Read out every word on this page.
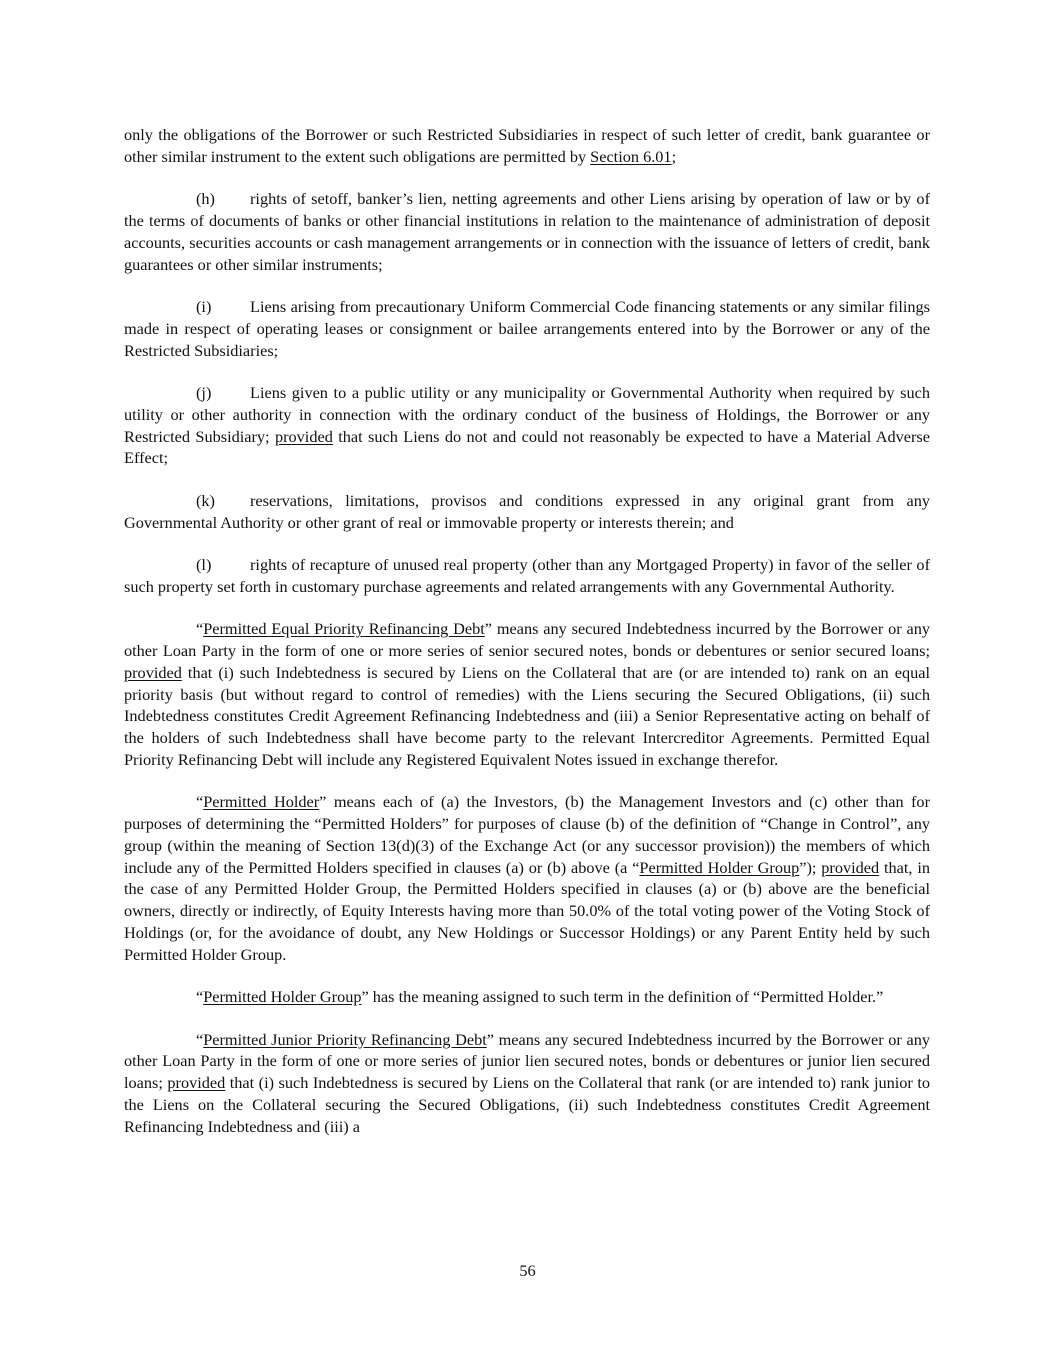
only the obligations of the Borrower or such Restricted Subsidiaries in respect of such letter of credit, bank guarantee or other similar instrument to the extent such obligations are permitted by Section 6.01;

(h) rights of setoff, banker’s lien, netting agreements and other Liens arising by operation of law or by of the terms of documents of banks or other financial institutions in relation to the maintenance of administration of deposit accounts, securities accounts or cash management arrangements or in connection with the issuance of letters of credit, bank guarantees or other similar instruments;

(i) Liens arising from precautionary Uniform Commercial Code financing statements or any similar filings made in respect of operating leases or consignment or bailee arrangements entered into by the Borrower or any of the Restricted Subsidiaries;

(j) Liens given to a public utility or any municipality or Governmental Authority when required by such utility or other authority in connection with the ordinary conduct of the business of Holdings, the Borrower or any Restricted Subsidiary; provided that such Liens do not and could not reasonably be expected to have a Material Adverse Effect;

(k) reservations, limitations, provisos and conditions expressed in any original grant from any Governmental Authority or other grant of real or immovable property or interests therein; and

(l) rights of recapture of unused real property (other than any Mortgaged Property) in favor of the seller of such property set forth in customary purchase agreements and related arrangements with any Governmental Authority.

“Permitted Equal Priority Refinancing Debt” means any secured Indebtedness incurred by the Borrower or any other Loan Party in the form of one or more series of senior secured notes, bonds or debentures or senior secured loans; provided that (i) such Indebtedness is secured by Liens on the Collateral that are (or are intended to) rank on an equal priority basis (but without regard to control of remedies) with the Liens securing the Secured Obligations, (ii) such Indebtedness constitutes Credit Agreement Refinancing Indebtedness and (iii) a Senior Representative acting on behalf of the holders of such Indebtedness shall have become party to the relevant Intercreditor Agreements. Permitted Equal Priority Refinancing Debt will include any Registered Equivalent Notes issued in exchange therefor.

“Permitted Holder” means each of (a) the Investors, (b) the Management Investors and (c) other than for purposes of determining the “Permitted Holders” for purposes of clause (b) of the definition of “Change in Control”, any group (within the meaning of Section 13(d)(3) of the Exchange Act (or any successor provision)) the members of which include any of the Permitted Holders specified in clauses (a) or (b) above (a “Permitted Holder Group”); provided that, in the case of any Permitted Holder Group, the Permitted Holders specified in clauses (a) or (b) above are the beneficial owners, directly or indirectly, of Equity Interests having more than 50.0% of the total voting power of the Voting Stock of Holdings (or, for the avoidance of doubt, any New Holdings or Successor Holdings) or any Parent Entity held by such Permitted Holder Group.

“Permitted Holder Group” has the meaning assigned to such term in the definition of “Permitted Holder.”

“Permitted Junior Priority Refinancing Debt” means any secured Indebtedness incurred by the Borrower or any other Loan Party in the form of one or more series of junior lien secured notes, bonds or debentures or junior lien secured loans; provided that (i) such Indebtedness is secured by Liens on the Collateral that rank (or are intended to) rank junior to the Liens on the Collateral securing the Secured Obligations, (ii) such Indebtedness constitutes Credit Agreement Refinancing Indebtedness and (iii) a

56
